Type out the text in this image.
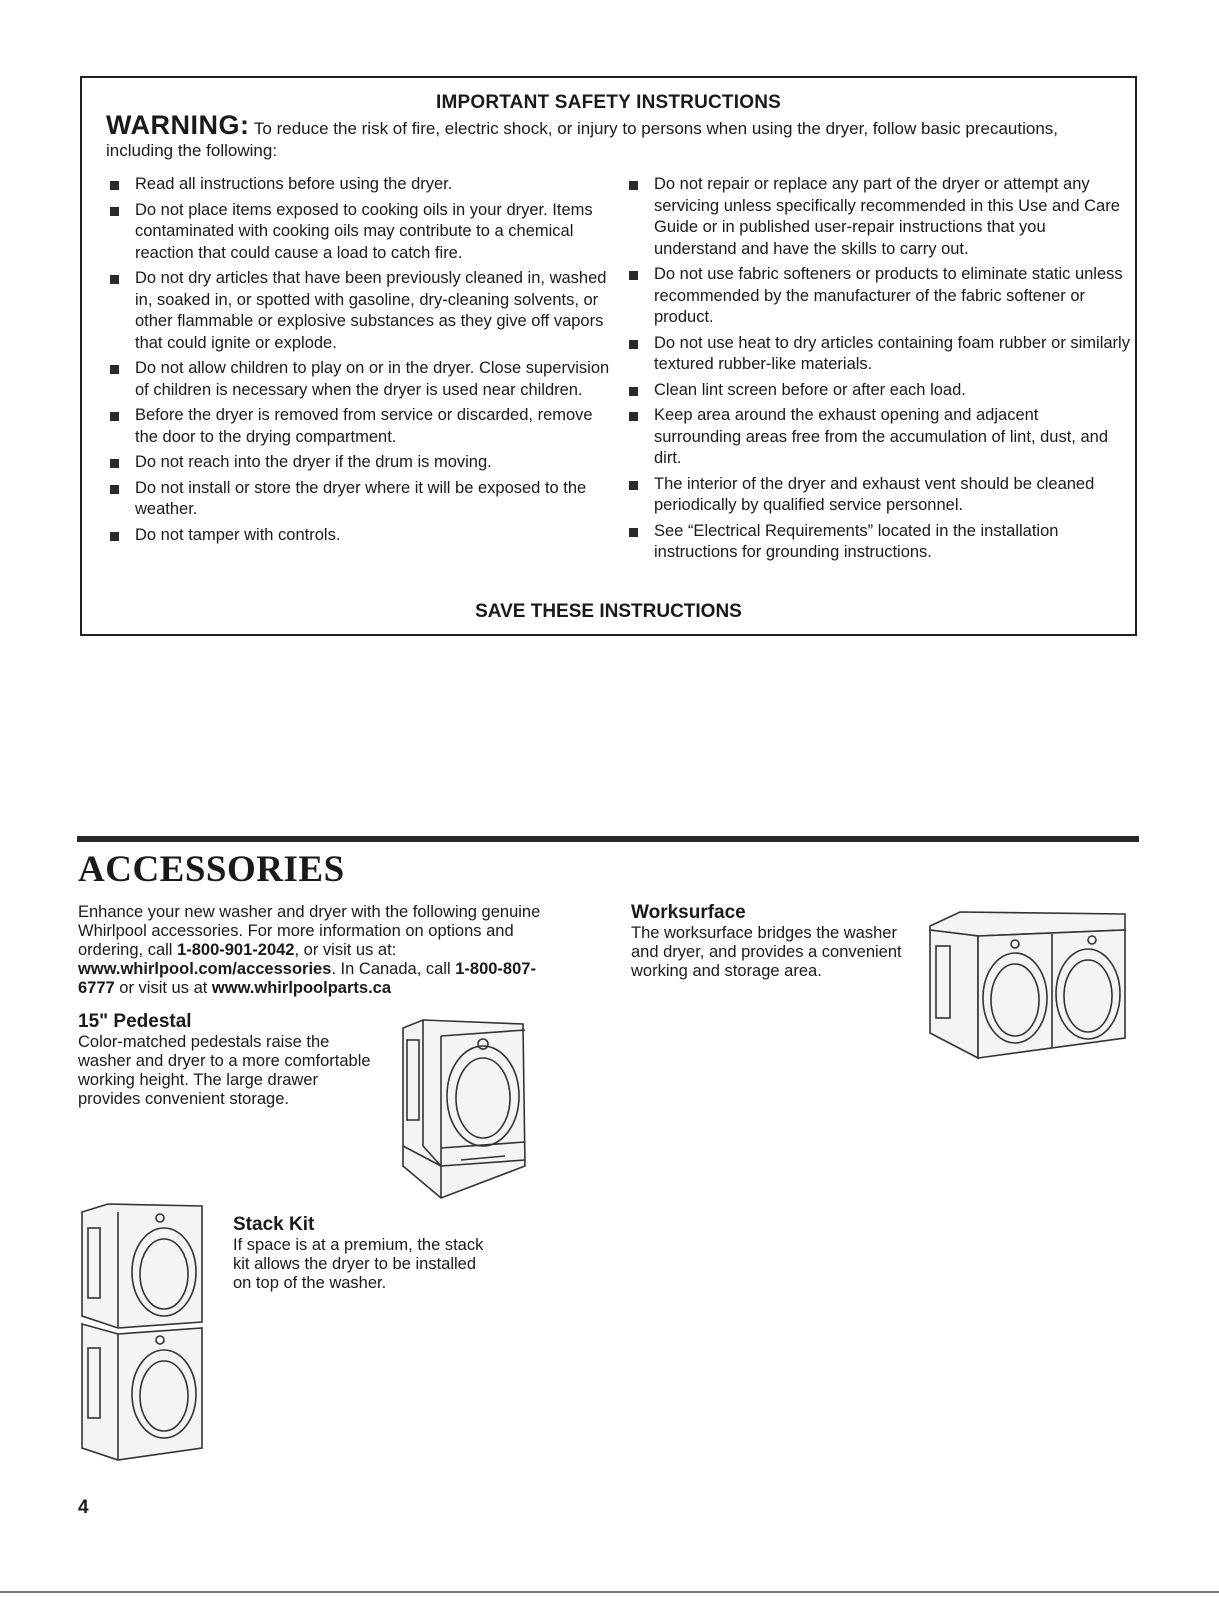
IMPORTANT SAFETY INSTRUCTIONS
WARNING: To reduce the risk of fire, electric shock, or injury to persons when using the dryer, follow basic precautions, including the following:
Read all instructions before using the dryer.
Do not place items exposed to cooking oils in your dryer. Items contaminated with cooking oils may contribute to a chemical reaction that could cause a load to catch fire.
Do not dry articles that have been previously cleaned in, washed in, soaked in, or spotted with gasoline, dry-cleaning solvents, or other flammable or explosive substances as they give off vapors that could ignite or explode.
Do not allow children to play on or in the dryer. Close supervision of children is necessary when the dryer is used near children.
Before the dryer is removed from service or discarded, remove the door to the drying compartment.
Do not reach into the dryer if the drum is moving.
Do not install or store the dryer where it will be exposed to the weather.
Do not tamper with controls.
Do not repair or replace any part of the dryer or attempt any servicing unless specifically recommended in this Use and Care Guide or in published user-repair instructions that you understand and have the skills to carry out.
Do not use fabric softeners or products to eliminate static unless recommended by the manufacturer of the fabric softener or product.
Do not use heat to dry articles containing foam rubber or similarly textured rubber-like materials.
Clean lint screen before or after each load.
Keep area around the exhaust opening and adjacent surrounding areas free from the accumulation of lint, dust, and dirt.
The interior of the dryer and exhaust vent should be cleaned periodically by qualified service personnel.
See “Electrical Requirements” located in the installation instructions for grounding instructions.
SAVE THESE INSTRUCTIONS
ACCESSORIES
Enhance your new washer and dryer with the following genuine Whirlpool accessories. For more information on options and ordering, call 1-800-901-2042, or visit us at: www.whirlpool.com/accessories. In Canada, call 1-800-807-6777 or visit us at www.whirlpoolparts.ca
15" Pedestal
Color-matched pedestals raise the washer and dryer to a more comfortable working height. The large drawer provides convenient storage.
Worksurface
The worksurface bridges the washer and dryer, and provides a convenient working and storage area.
Stack Kit
If space is at a premium, the stack kit allows the dryer to be installed on top of the washer.
4
